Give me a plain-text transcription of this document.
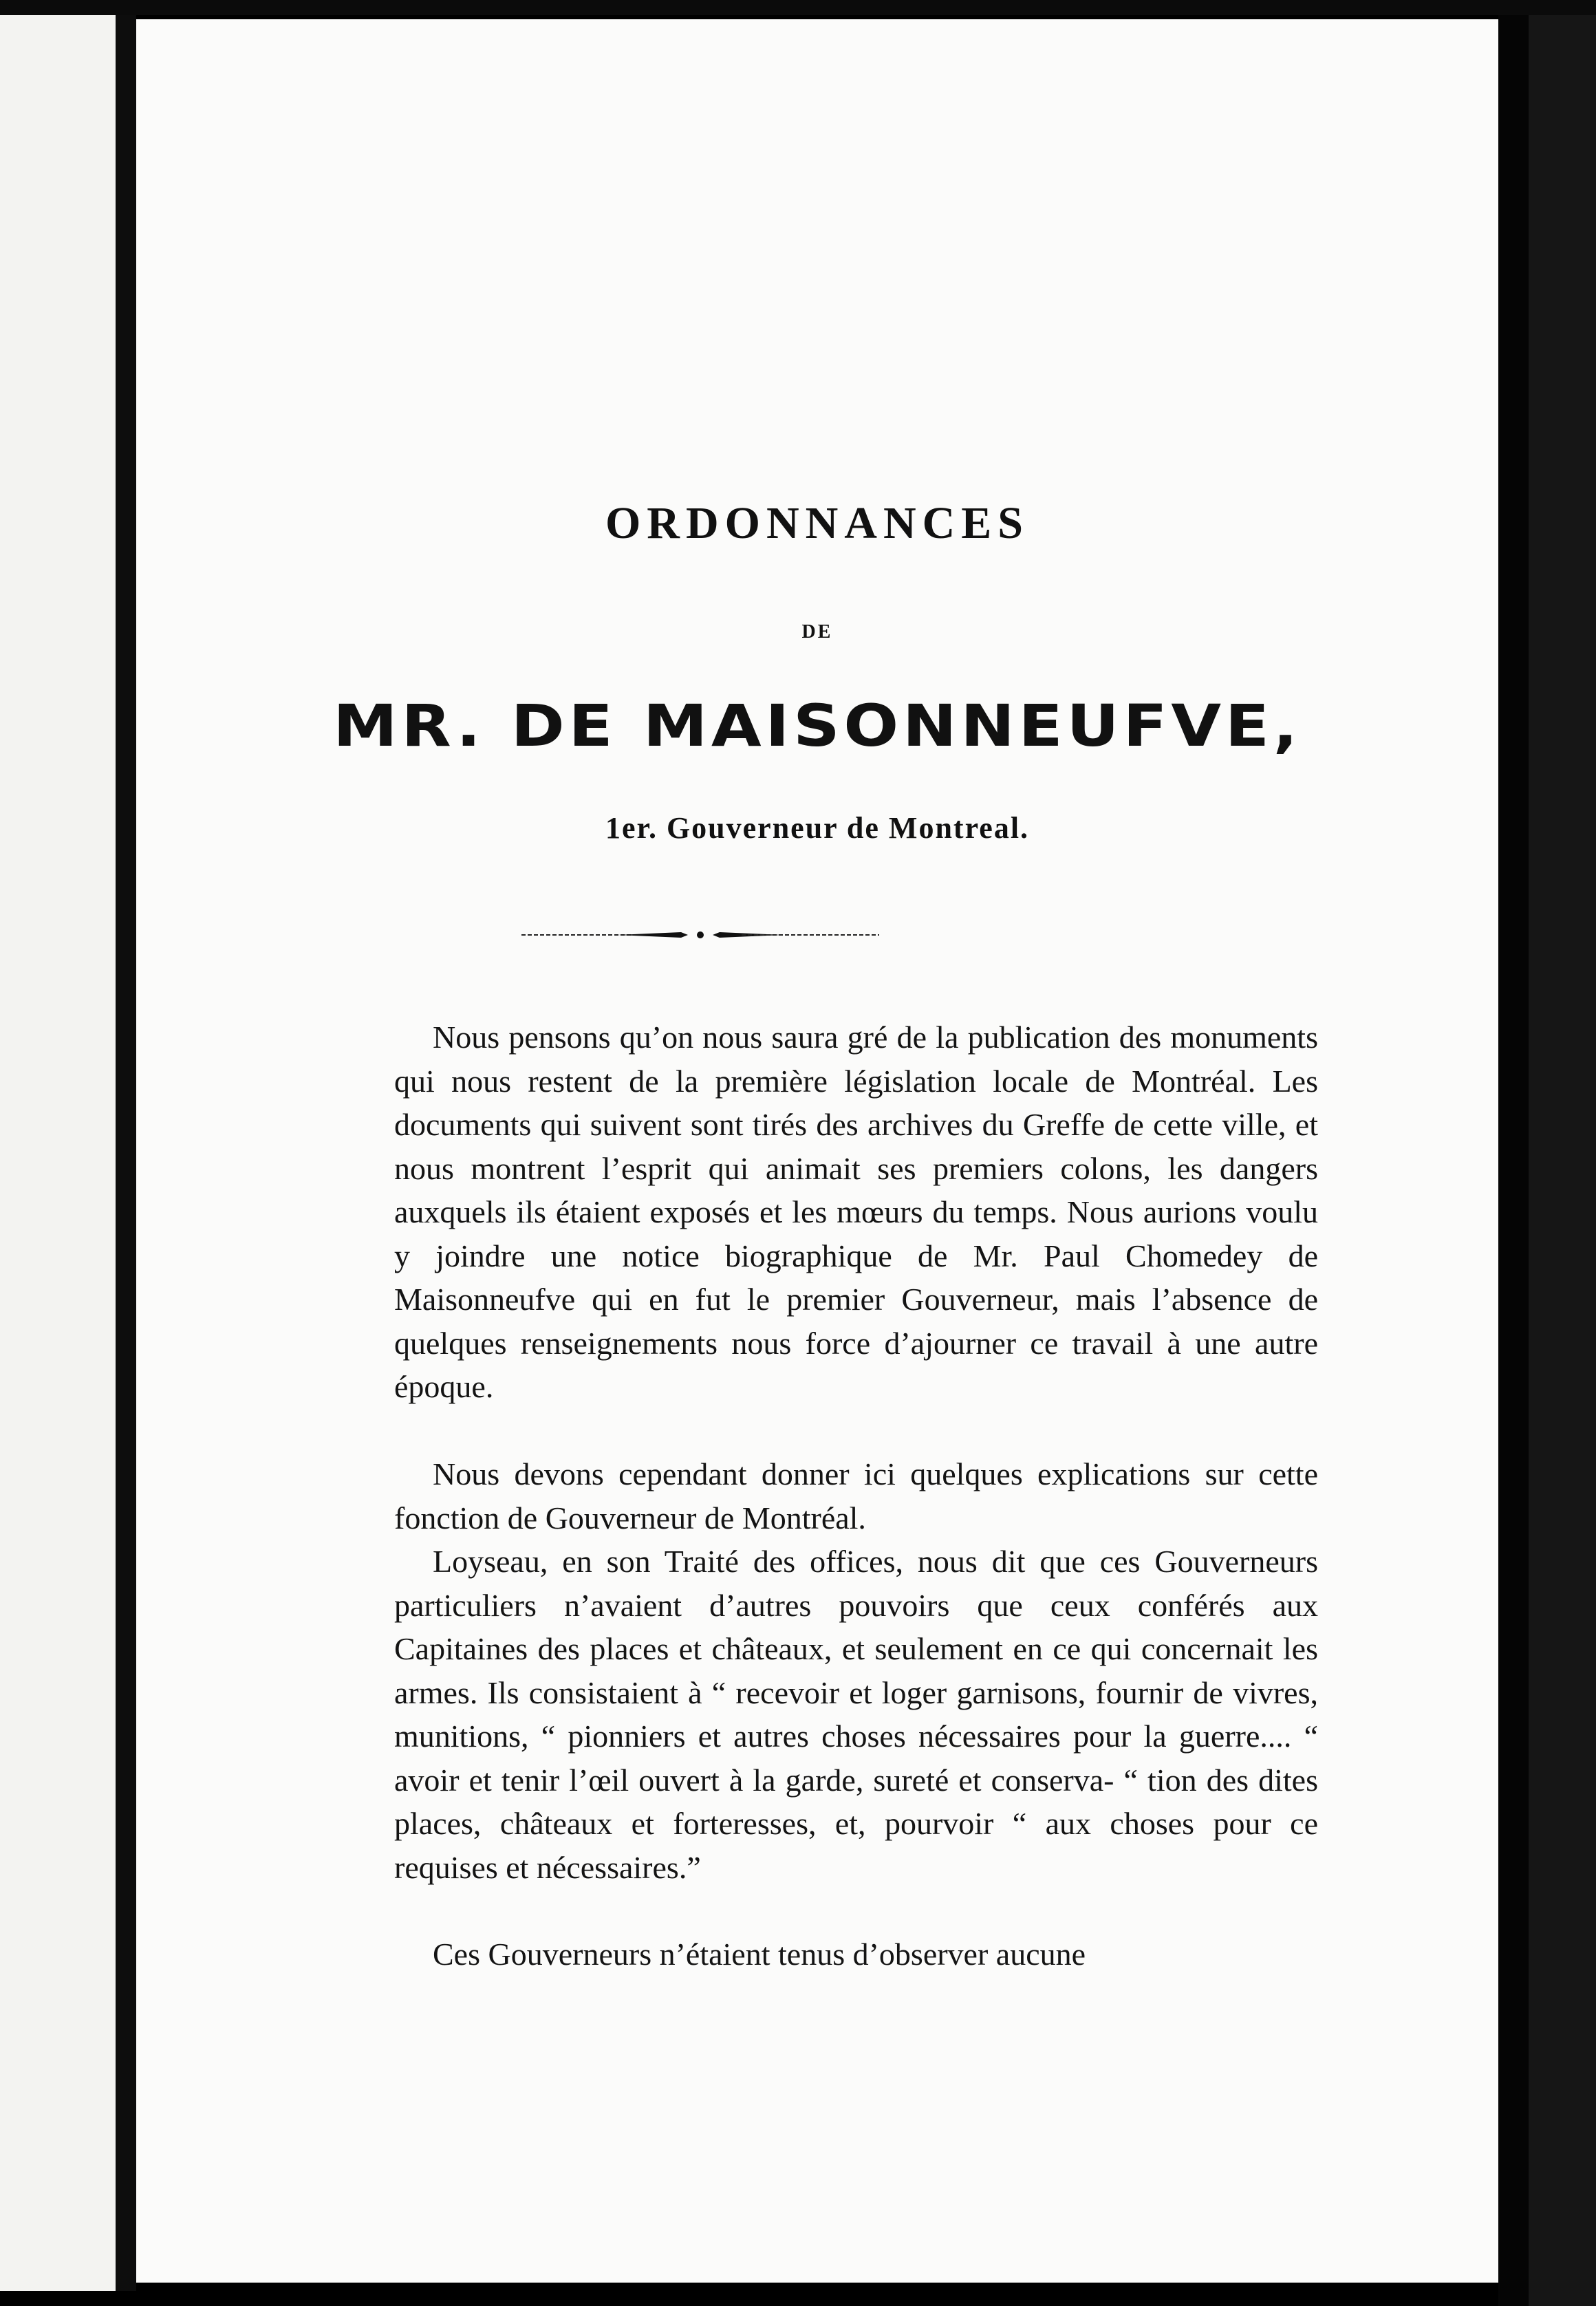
ORDONNANCES
DE
MR. DE MAISONNEUFVE,
1er. Gouverneur de Montreal.

Nous pensons qu’on nous saura gré de la publication des monuments qui nous restent de la première législation locale de Montréal. Les documents qui suivent sont tirés des archives du Greffe de cette ville, et nous montrent l’esprit qui animait ses premiers colons, les dangers auxquels ils étaient exposés et les mœurs du temps. Nous aurions voulu y joindre une notice biographique de Mr. Paul Chomedey de Maisonneufve qui en fut le premier Gouverneur, mais l’absence de quelques renseignements nous force d’ajourner ce travail à une autre époque.

Nous devons cependant donner ici quelques explications sur cette fonction de Gouverneur de Montréal.

Loyseau, en son Traité des offices, nous dit que ces Gouverneurs particuliers n’avaient d’autres pouvoirs que ceux conférés aux Capitaines des places et châteaux, et seulement en ce qui concernait les armes. Ils consistaient à “ recevoir et loger garnisons, fournir de vivres, munitions, “ pionniers et autres choses nécessaires pour la guerre.... “ avoir et tenir l’œil ouvert à la garde, sureté et conserva- “ tion des dites places, châteaux et forteresses, et, pourvoir “ aux choses pour ce requises et nécessaires.”

Ces Gouverneurs n’étaient tenus d’observer aucune
